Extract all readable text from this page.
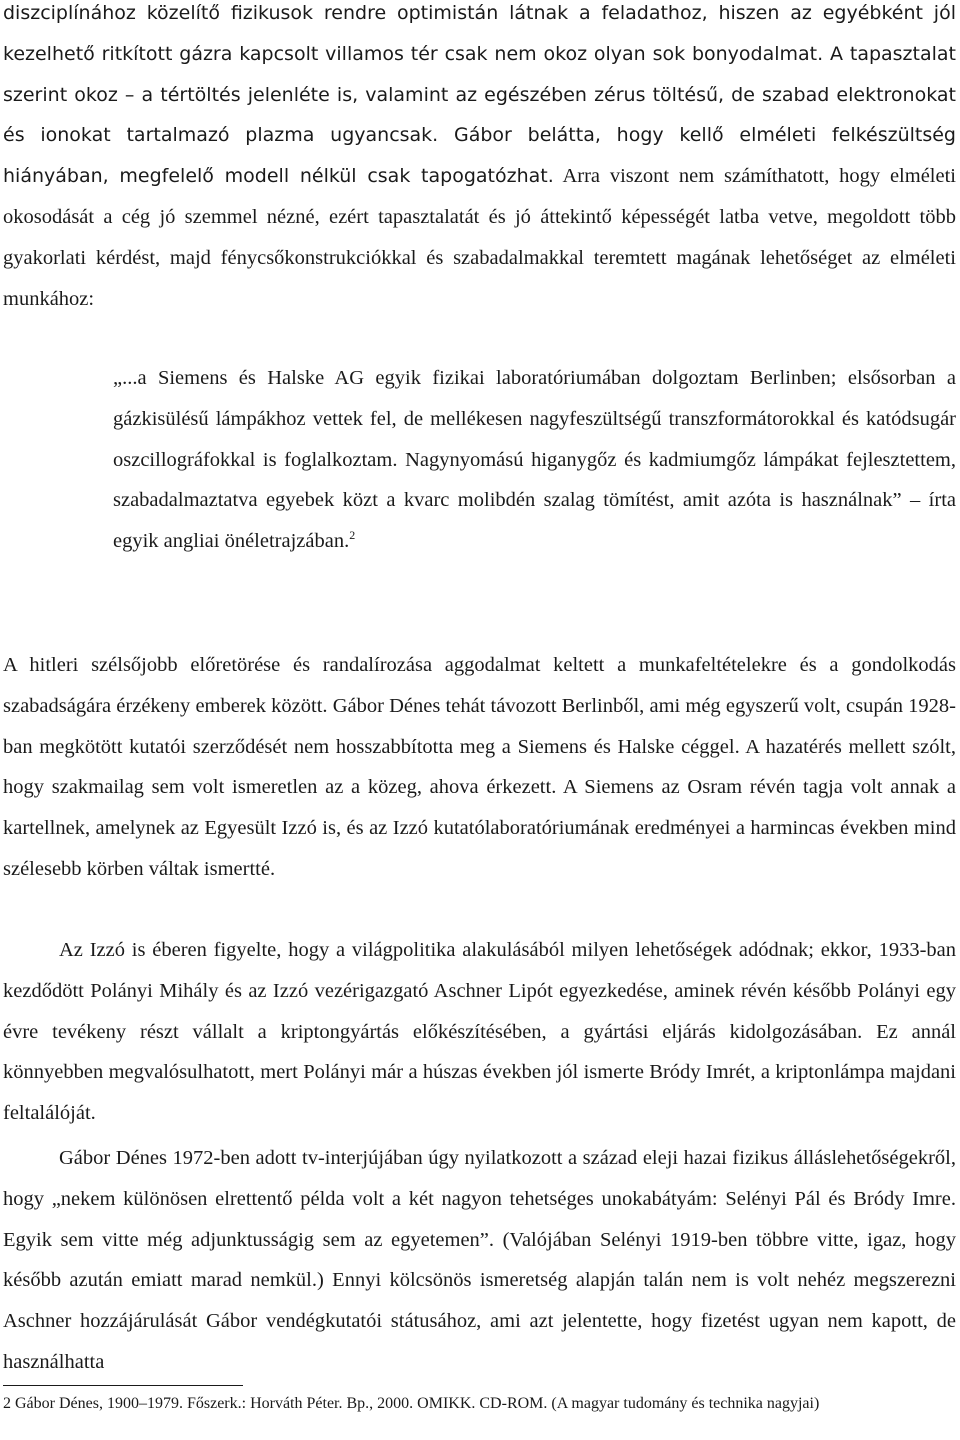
diszciplínához közelítő fizikusok rendre optimistán látnak a feladathoz, hiszen az egyébként jól kezelhető ritkított gázra kapcsolt villamos tér csak nem okoz olyan sok bonyodalmat. A tapasztalat szerint okoz – a tértöltés jelenléte is, valamint az egészében zérus töltésű, de szabad elektronokat és ionokat tartalmazó plazma ugyancsak. Gábor belátta, hogy kellő elméleti felkészültség hiányában, megfelelő modell nélkül csak tapogatózhat. Arra viszont nem számíthatott, hogy elméleti okosodását a cég jó szemmel nézné, ezért tapasztalatát és jó áttekintő képességét latba vetve, megoldott több gyakorlati kérdést, majd fénycsőkonstrukciókkal és szabadalmakkal teremtett magának lehetőséget az elméleti munkához:

„...a Siemens és Halske AG egyik fizikai laboratóriumában dolgoztam Berlinben; elsősorban a gázkisülésű lámpákhoz vettek fel, de mellékesen nagyfeszültségű transzformátorokkal és katódsugár oszcillográfokkal is foglalkoztam. Nagynyomású higanygőz és kadmiumgőz lámpákat fejlesztettem, szabadalmaztatva egyebek közt a kvarc molibdén szalag tömítést, amit azóta is használnak” – írta egyik angliai önéletrajzában.$^2$

A hitleri szélsőjobb előretörése és randalírozása aggodalmat keltett a munkafeltételekre és a gondolkodás szabadságára érzékeny emberek között. Gábor Dénes tehát távozott Berlinből, ami még egyszerű volt, csupán 1928-ban megkötött kutatói szerződését nem hosszabbította meg a Siemens és Halske céggel. A hazatérés mellett szólt, hogy szakmailag sem volt ismeretlen az a közeg, ahova érkezett. A Siemens az Osram révén tagja volt annak a kartellnek, amelynek az Egyesült Izzó is, és az Izzó kutatólaboratóriumának eredményei a harmincas években mind szélesebb körben váltak ismertté.

Az Izzó is éberen figyelte, hogy a világpolitika alakulásából milyen lehetőségek adódnak; ekkor, 1933-ban kezdődött Polányi Mihály és az Izzó vezérigazgató Aschner Lipót egyezkedése, aminek révén később Polányi egy évre tevékeny részt vállalt a kriptongyártás előkészítésében, a gyártási eljárás kidolgozásában. Ez annál könnyebben megvalósulhatott, mert Polányi már a húszas években jól ismerte Bródy Imrét, a kriptonlámpa majdani feltalálóját.

Gábor Dénes 1972-ben adott tv-interjújában úgy nyilatkozott a század eleji hazai fizikus álláslehetőségekről, hogy „nekem különösen elrettentő példa volt a két nagyon tehetséges unokabátyám: Selényi Pál és Bródy Imre. Egyik sem vitte még adjunktusságig sem az egyetemen”. (Valójában Selényi 1919-ben többre vitte, igaz, hogy később azután emiatt marad nemkül.) Ennyi kölcsönös ismeretség alapján talán nem is volt nehéz megszerezni Aschner hozzájárulását Gábor vendégkutatói státusához, ami azt jelentette, hogy fizetést ugyan nem kapott, de használhatta

2 Gábor Dénes, 1900–1979. Főszerk.: Horváth Péter. Bp., 2000. OMIKK. CD-ROM. (A magyar tudomány és technika nagyjai)
